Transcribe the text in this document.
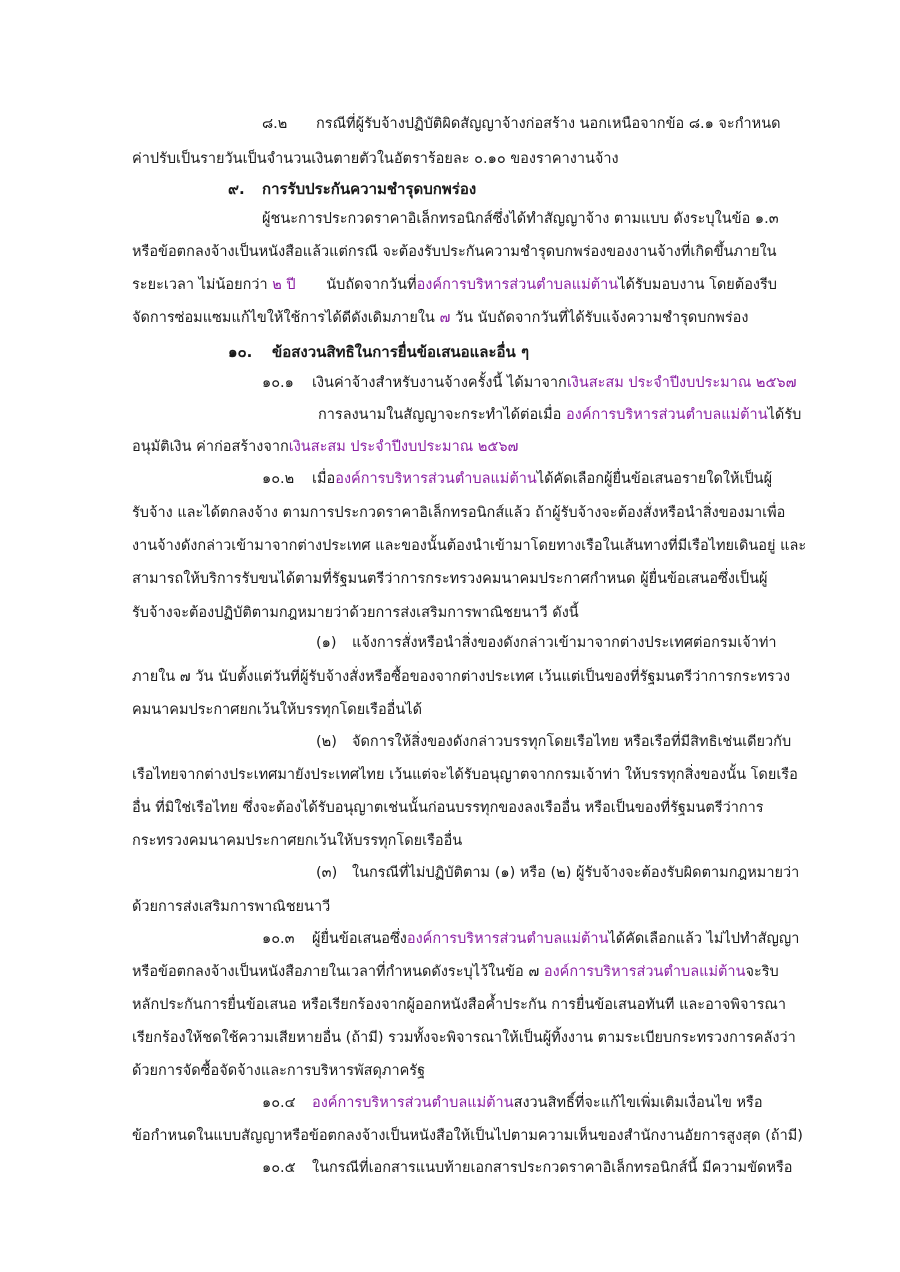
๘.๒ กรณีที่ผู้รับจ้างปฏิบัติผิดสัญญาจ้างก่อสร้าง นอกเหนือจากข้อ ๘.๑ จะกำหนด
ค่าปรับเป็นรายวันเป็นจำนวนเงินตายตัวในอัตราร้อยละ ๐.๑๐ ของราคางานจ้าง
๙. การรับประกันความชำรุดบกพร่อง
ผู้ชนะการประกวดราคาอิเล็กทรอนิกส์ซึ่งได้ทำสัญญาจ้าง ตามแบบ ดังระบุในข้อ ๑.๓
หรือข้อตกลงจ้างเป็นหนังสือแล้วแต่กรณี จะต้องรับประกันความชำรุดบกพร่องของงานจ้างที่เกิดขึ้นภายใน
ระยะเวลา ไม่น้อยกว่า ๒ ปี นับถัดจากวันที่องค์การบริหารส่วนตำบลแม่ต้านได้รับมอบงาน โดยต้องรีบ
จัดการซ่อมแซมแก้ไขให้ใช้การได้ดีดังเดิมภายใน ๗ วัน นับถัดจากวันที่ได้รับแจ้งความชำรุดบกพร่อง
๑๐. ข้อสงวนสิทธิในการยื่นข้อเสนอและอื่น ๆ
๑๐.๑ เงินค่าจ้างสำหรับงานจ้างครั้งนี้ ได้มาจากเงินสะสม ประจำปีงบประมาณ ๒๕๖๗
การลงนามในสัญญาจะกระทำได้ต่อเมื่อ องค์การบริหารส่วนตำบลแม่ต้านได้รับ
อนุมัติเงิน ค่าก่อสร้างจากเงินสะสม ประจำปีงบประมาณ ๒๕๖๗
๑๐.๒ เมื่อองค์การบริหารส่วนตำบลแม่ต้านได้คัดเลือกผู้ยื่นข้อเสนอรายใดให้เป็นผู้
รับจ้าง และได้ตกลงจ้าง ตามการประกวดราคาอิเล็กทรอนิกส์แล้ว ถ้าผู้รับจ้างจะต้องสั่งหรือนำสิ่งของมาเพื่อ
งานจ้างดังกล่าวเข้ามาจากต่างประเทศ และของนั้นต้องนำเข้ามาโดยทางเรือในเส้นทางที่มีเรือไทยเดินอยู่ และ
สามารถให้บริการรับขนได้ตามที่รัฐมนตรีว่าการกระทรวงคมนาคมประกาศกำหนด ผู้ยื่นข้อเสนอซึ่งเป็นผู้
รับจ้างจะต้องปฏิบัติตามกฎหมายว่าด้วยการส่งเสริมการพาณิชยนาวี ดังนี้
(๑) แจ้งการสั่งหรือนำสิ่งของดังกล่าวเข้ามาจากต่างประเทศต่อกรมเจ้าท่า
ภายใน ๗ วัน นับตั้งแต่วันที่ผู้รับจ้างสั่งหรือซื้อของจากต่างประเทศ เว้นแต่เป็นของที่รัฐมนตรีว่าการกระทรวง
คมนาคมประกาศยกเว้นให้บรรทุกโดยเรืออื่นได้
(๒) จัดการให้สิ่งของดังกล่าวบรรทุกโดยเรือไทย หรือเรือที่มีสิทธิเช่นเดียวกับ
เรือไทยจากต่างประเทศมายังประเทศไทย เว้นแต่จะได้รับอนุญาตจากกรมเจ้าท่า ให้บรรทุกสิ่งของนั้น โดยเรือ
อื่น ที่มิใช่เรือไทย ซึ่งจะต้องได้รับอนุญาตเช่นนั้นก่อนบรรทุกของลงเรืออื่น หรือเป็นของที่รัฐมนตรีว่าการ
กระทรวงคมนาคมประกาศยกเว้นให้บรรทุกโดยเรืออื่น
(๓) ในกรณีที่ไม่ปฏิบัติตาม (๑) หรือ (๒) ผู้รับจ้างจะต้องรับผิดตามกฎหมายว่า
ด้วยการส่งเสริมการพาณิชยนาวี
๑๐.๓ ผู้ยื่นข้อเสนอซึ่งองค์การบริหารส่วนตำบลแม่ต้านได้คัดเลือกแล้ว ไม่ไปทำสัญญา
หรือข้อตกลงจ้างเป็นหนังสือภายในเวลาที่กำหนดดังระบุไว้ในข้อ ๗ องค์การบริหารส่วนตำบลแม่ต้านจะริบ
หลักประกันการยื่นข้อเสนอ หรือเรียกร้องจากผู้ออกหนังสือค้ำประกัน การยื่นข้อเสนอทันที และอาจพิจารณา
เรียกร้องให้ชดใช้ความเสียหายอื่น (ถ้ามี) รวมทั้งจะพิจารณาให้เป็นผู้ทิ้งงาน ตามระเบียบกระทรวงการคลังว่า
ด้วยการจัดซื้อจัดจ้างและการบริหารพัสดุภาครัฐ
๑๐.๔ องค์การบริหารส่วนตำบลแม่ต้านสงวนสิทธิ์ที่จะแก้ไขเพิ่มเติมเงื่อนไข หรือ
ข้อกำหนดในแบบสัญญาหรือข้อตกลงจ้างเป็นหนังสือให้เป็นไปตามความเห็นของสำนักงานอัยการสูงสุด (ถ้ามี)
๑๐.๕ ในกรณีที่เอกสารแนบท้ายเอกสารประกวดราคาอิเล็กทรอนิกส์นี้ มีความขัดหรือ
